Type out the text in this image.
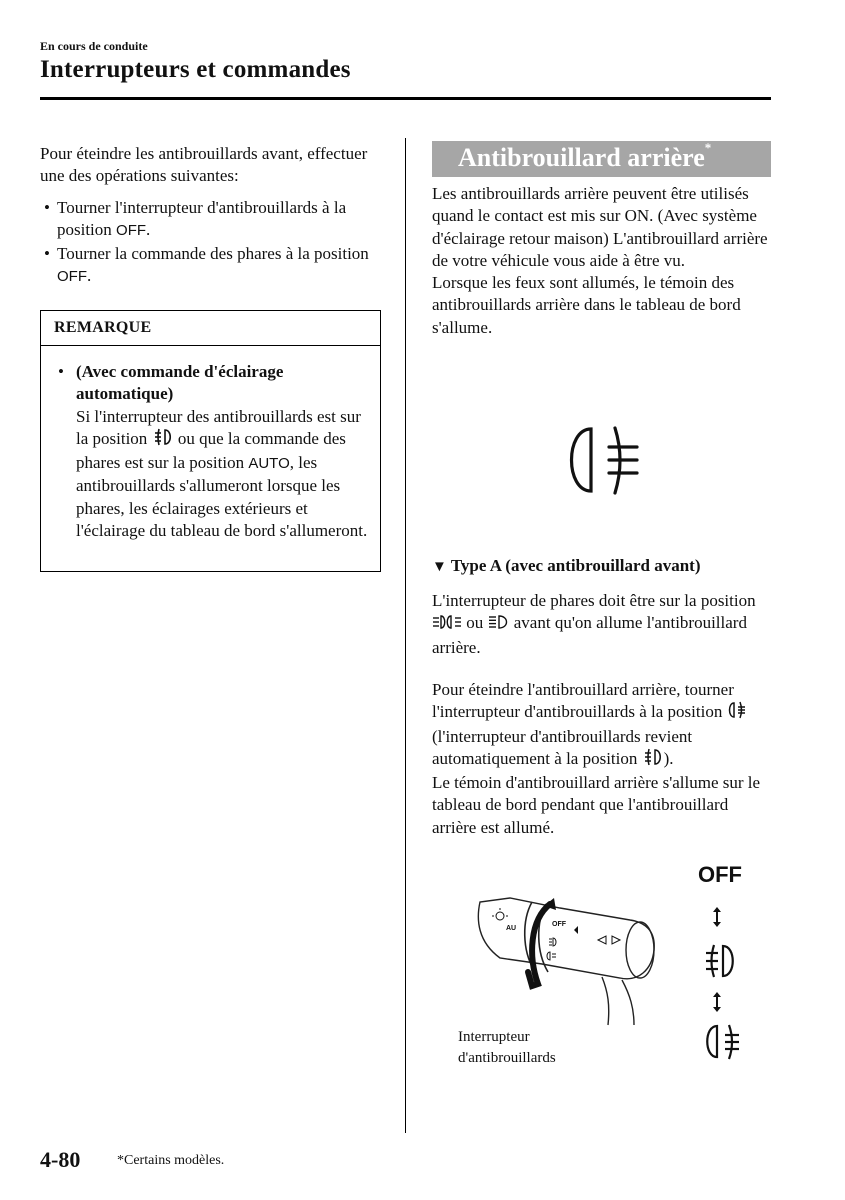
En cours de conduite
Interrupteurs et commandes
Pour éteindre les antibrouillards avant, effectuer une des opérations suivantes:
• Tourner l'interrupteur d'antibrouillards à la position OFF.
• Tourner la commande des phares à la position OFF.
REMARQUE
• (Avec commande d'éclairage automatique)
Si l'interrupteur des antibrouillards est sur la position  ou que la commande des phares est sur la position AUTO, les antibrouillards s'allumeront lorsque les phares, les éclairages extérieurs et l'éclairage du tableau de bord s'allumeront.
Antibrouillard arrière*
Les antibrouillards arrière peuvent être utilisés quand le contact est mis sur ON. (Avec système d'éclairage retour maison) L'antibrouillard arrière de votre véhicule vous aide à être vu.
Lorsque les feux sont allumés, le témoin des antibrouillards arrière dans le tableau de bord s'allume.
▼ Type A (avec antibrouillard avant)
L'interrupteur de phares doit être sur la position  ou  avant qu'on allume l'antibrouillard arrière.
Pour éteindre l'antibrouillard arrière, tourner l'interrupteur d'antibrouillards à la position  (l'interrupteur d'antibrouillards revient automatiquement à la position ).
Le témoin d'antibrouillard arrière s'allume sur le tableau de bord pendant que l'antibrouillard arrière est allumé.
OFF
AU
OFF
Interrupteur
d'antibrouillards
4-80	*Certains modèles.
